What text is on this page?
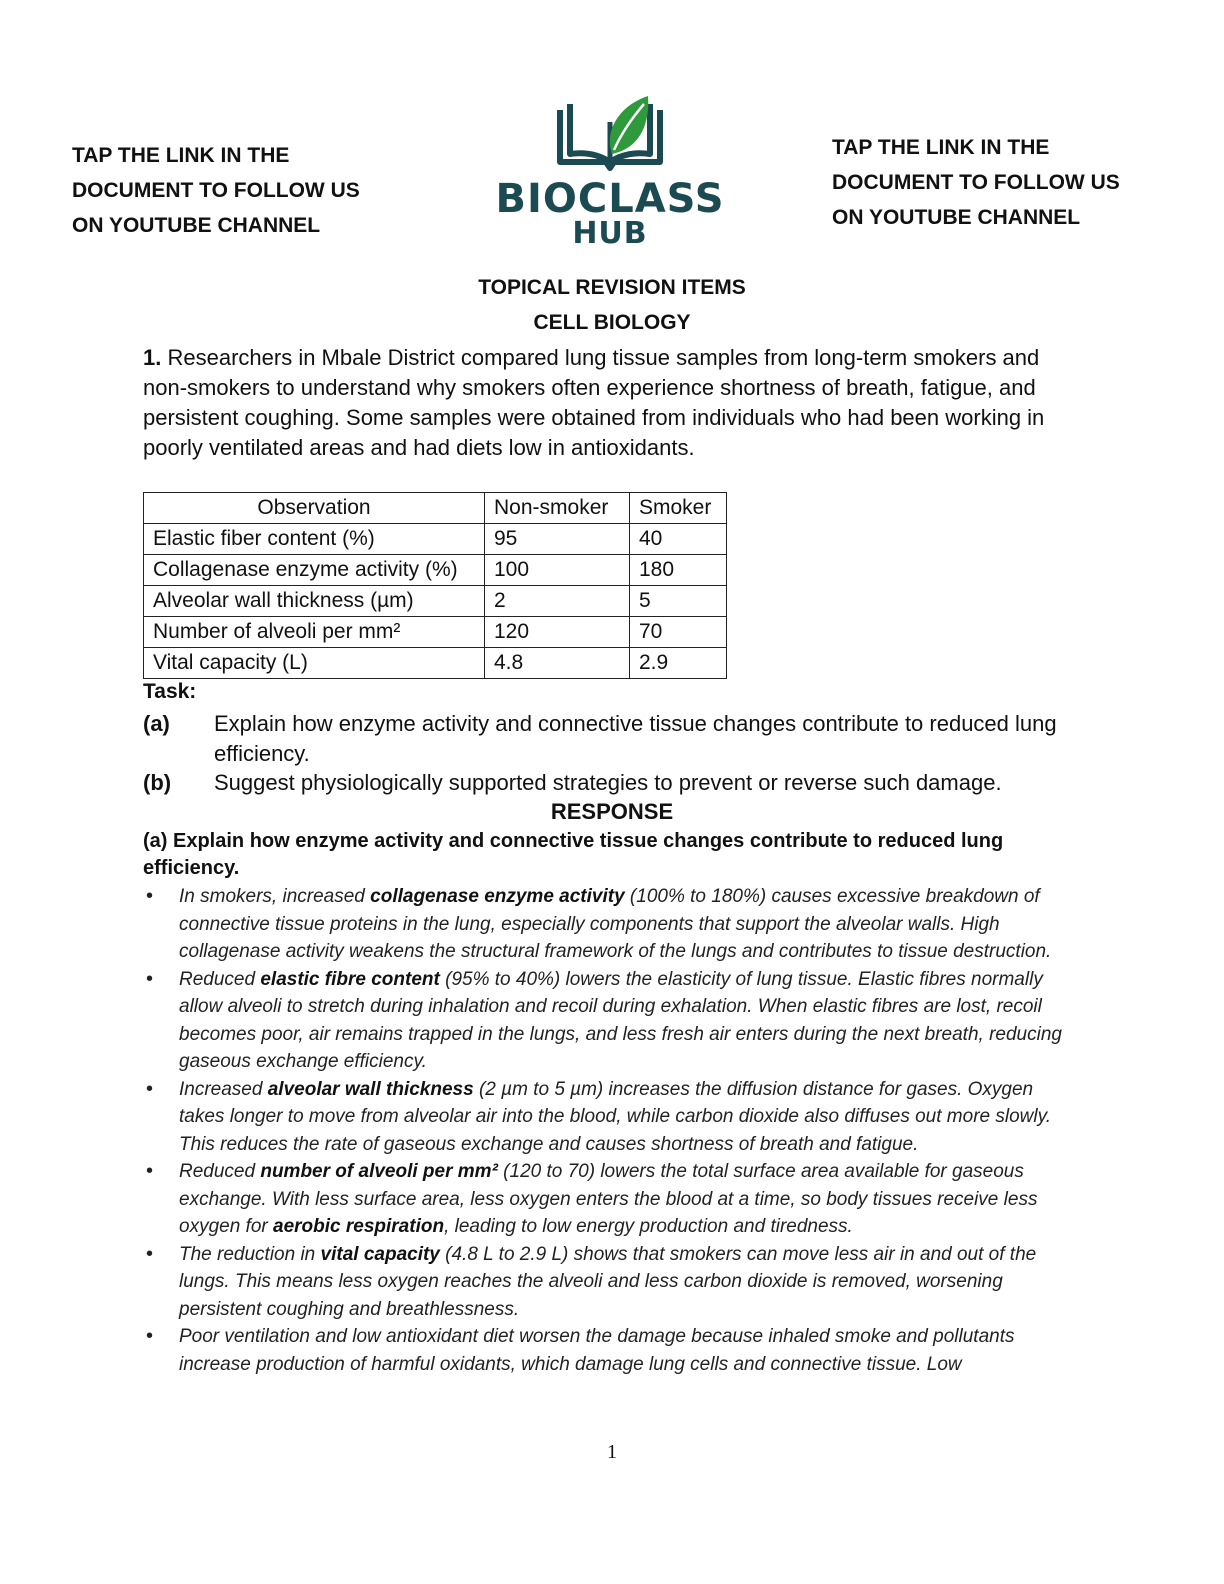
TAP THE LINK IN THE
DOCUMENT TO FOLLOW US
ON YOUTUBE CHANNEL
BIOCLASS
HUB
TAP THE LINK IN THE
DOCUMENT TO FOLLOW US
ON YOUTUBE CHANNEL
TOPICAL REVISION ITEMS
CELL BIOLOGY

1. Researchers in Mbale District compared lung tissue samples from long-term smokers and non-smokers to understand why smokers often experience shortness of breath, fatigue, and persistent coughing. Some samples were obtained from individuals who had been working in poorly ventilated areas and had diets low in antioxidants.

Observation	Non-smoker	Smoker
Elastic fiber content (%)	95	40
Collagenase enzyme activity (%)	100	180
Alveolar wall thickness (µm)	2	5
Number of alveoli per mm²	120	70
Vital capacity (L)	4.8	2.9
Task:
(a) Explain how enzyme activity and connective tissue changes contribute to reduced lung efficiency.
(b) Suggest physiologically supported strategies to prevent or reverse such damage.
RESPONSE
(a) Explain how enzyme activity and connective tissue changes contribute to reduced lung efficiency.
• In smokers, increased collagenase enzyme activity (100% to 180%) causes excessive breakdown of connective tissue proteins in the lung, especially components that support the alveolar walls. High collagenase activity weakens the structural framework of the lungs and contributes to tissue destruction.
• Reduced elastic fibre content (95% to 40%) lowers the elasticity of lung tissue. Elastic fibres normally allow alveoli to stretch during inhalation and recoil during exhalation. When elastic fibres are lost, recoil becomes poor, air remains trapped in the lungs, and less fresh air enters during the next breath, reducing gaseous exchange efficiency.
• Increased alveolar wall thickness (2 µm to 5 µm) increases the diffusion distance for gases. Oxygen takes longer to move from alveolar air into the blood, while carbon dioxide also diffuses out more slowly. This reduces the rate of gaseous exchange and causes shortness of breath and fatigue.
• Reduced number of alveoli per mm² (120 to 70) lowers the total surface area available for gaseous exchange. With less surface area, less oxygen enters the blood at a time, so body tissues receive less oxygen for aerobic respiration, leading to low energy production and tiredness.
• The reduction in vital capacity (4.8 L to 2.9 L) shows that smokers can move less air in and out of the lungs. This means less oxygen reaches the alveoli and less carbon dioxide is removed, worsening persistent coughing and breathlessness.
• Poor ventilation and low antioxidant diet worsen the damage because inhaled smoke and pollutants increase production of harmful oxidants, which damage lung cells and connective tissue. Low
1
